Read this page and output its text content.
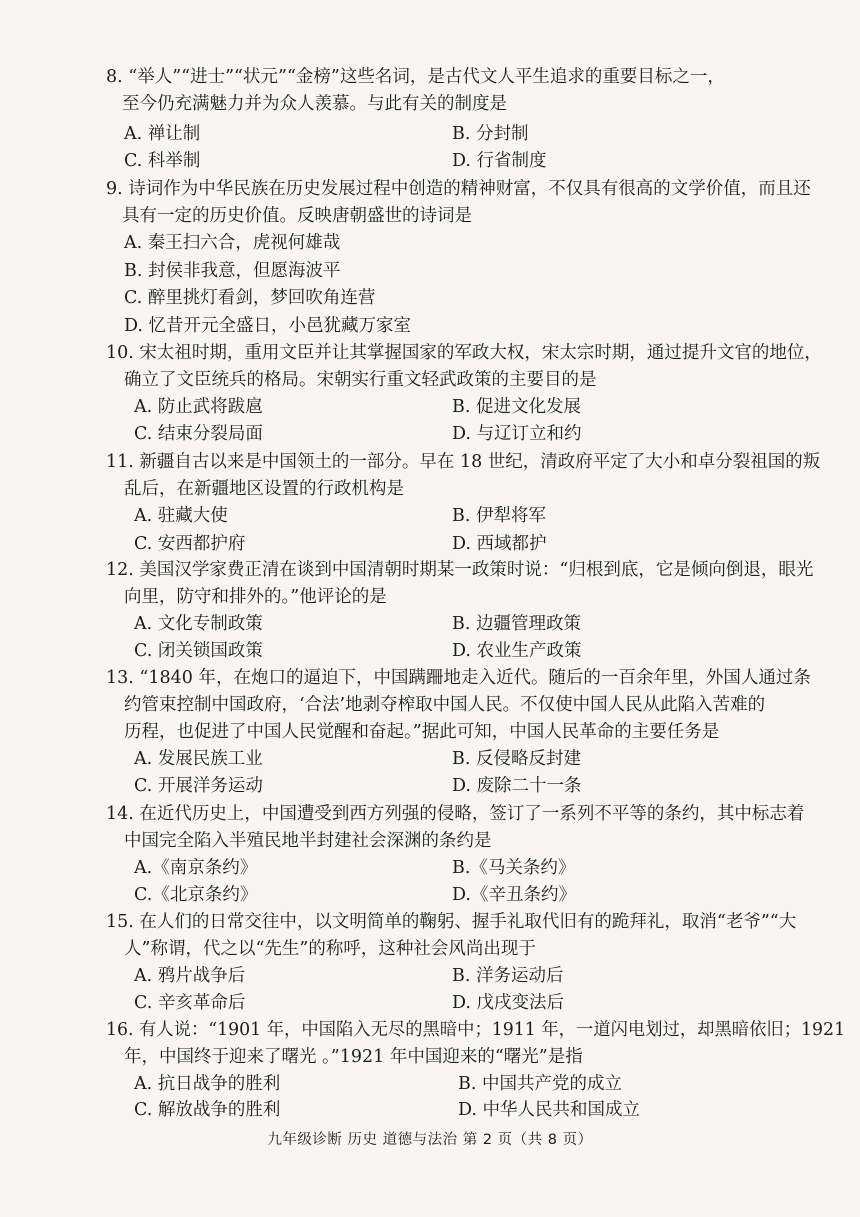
8. “举人”“进士”“状元”“金榜”这些名词，是古代文人平生追求的重要目标之一，
至今仍充满魅力并为众人羡慕。与此有关的制度是
A. 禅让制	B. 分封制
C. 科举制	D. 行省制度
9. 诗词作为中华民族在历史发展过程中创造的精神财富，不仅具有很高的文学价值，而且还
具有一定的历史价值。反映唐朝盛世的诗词是
A. 秦王扫六合，虎视何雄哉
B. 封侯非我意，但愿海波平
C. 醉里挑灯看剑，梦回吹角连营
D. 忆昔开元全盛日，小邑犹藏万家室
10. 宋太祖时期，重用文臣并让其掌握国家的军政大权，宋太宗时期，通过提升文官的地位，
确立了文臣统兵的格局。宋朝实行重文轻武政策的主要目的是
A. 防止武将跋扈	B. 促进文化发展
C. 结束分裂局面	D. 与辽订立和约
11. 新疆自古以来是中国领土的一部分。早在 18 世纪，清政府平定了大小和卓分裂祖国的叛
乱后，在新疆地区设置的行政机构是
A. 驻藏大使	B. 伊犁将军
C. 安西都护府	D. 西域都护
12. 美国汉学家费正清在谈到中国清朝时期某一政策时说：“归根到底，它是倾向倒退，眼光
向里，防守和排外的。”他评论的是
A. 文化专制政策	B. 边疆管理政策
C. 闭关锁国政策	D. 农业生产政策
13. “1840 年，在炮口的逼迫下，中国蹒跚地走入近代。随后的一百余年里，外国人通过条
约管束控制中国政府，‘合法’地剥夺榨取中国人民。不仅使中国人民从此陷入苦难的
历程，也促进了中国人民觉醒和奋起。”据此可知，中国人民革命的主要任务是
A. 发展民族工业	B. 反侵略反封建
C. 开展洋务运动	D. 废除二十一条
14. 在近代历史上，中国遭受到西方列强的侵略，签订了一系列不平等的条约，其中标志着
中国完全陷入半殖民地半封建社会深渊的条约是
A.《南京条约》	B.《马关条约》
C.《北京条约》	D.《辛丑条约》
15. 在人们的日常交往中，以文明简单的鞠躬、握手礼取代旧有的跪拜礼，取消“老爷”“大
人”称谓，代之以“先生”的称呼，这种社会风尚出现于
A. 鸦片战争后	B. 洋务运动后
C. 辛亥革命后	D. 戊戌变法后
16. 有人说：“1901 年，中国陷入无尽的黑暗中；1911 年，一道闪电划过，却黑暗依旧；1921
年，中国终于迎来了曙光 。”1921 年中国迎来的“曙光”是指
A. 抗日战争的胜利	B. 中国共产党的成立
C. 解放战争的胜利	D. 中华人民共和国成立
九年级诊断 历史 道德与法治 第 2 页（共 8 页）
